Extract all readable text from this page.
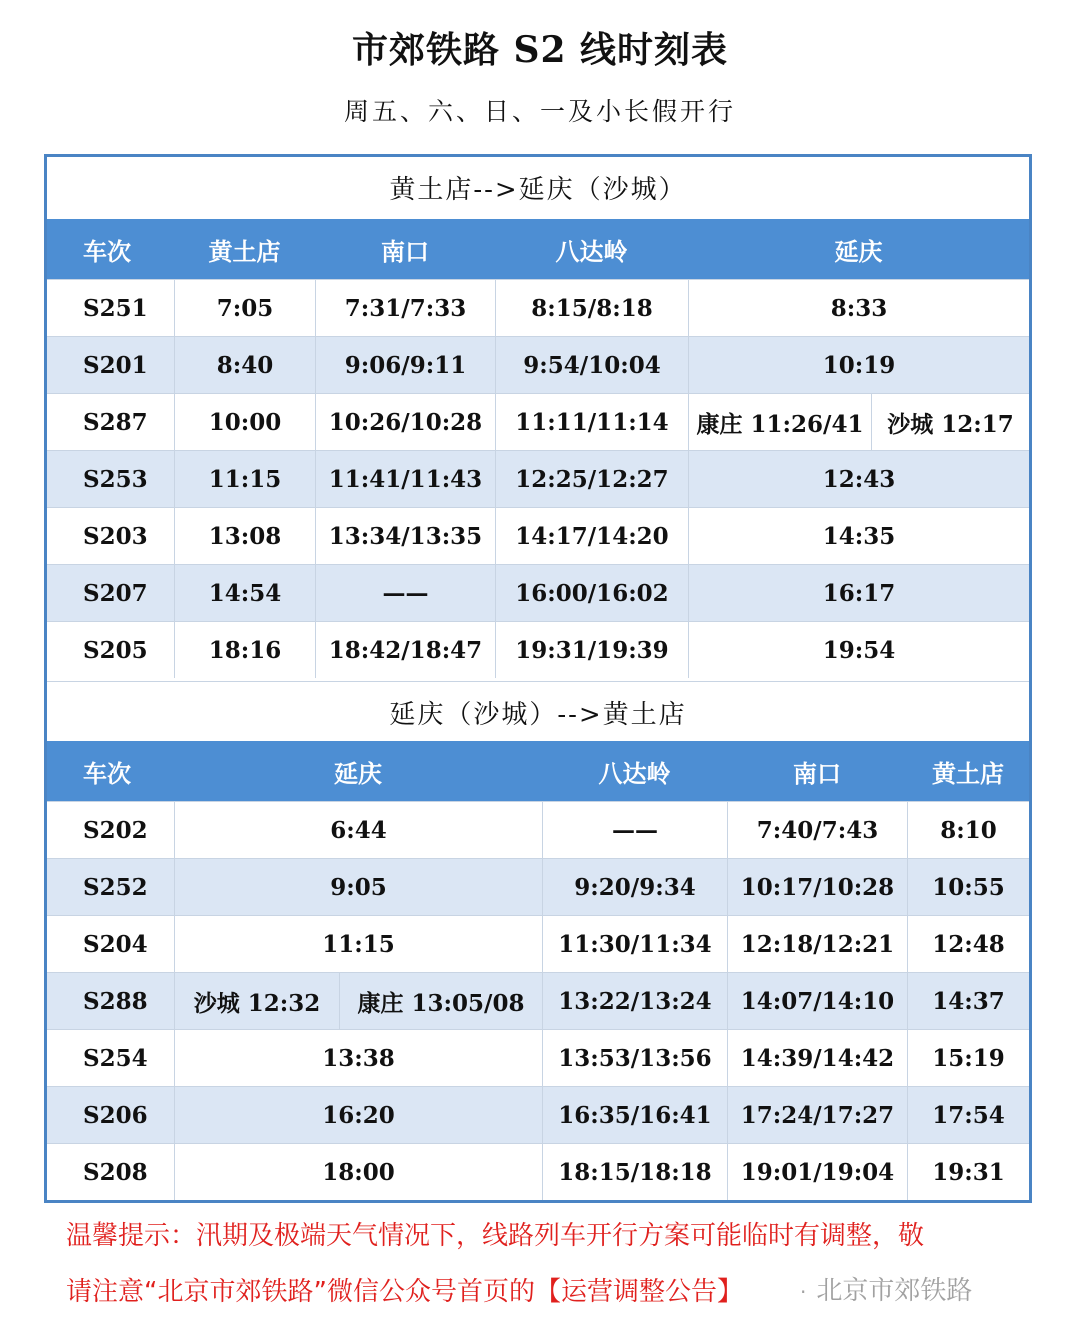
市郊铁路 S2 线时刻表
周五、六、日、一及小长假开行
黄土店-->延庆（沙城）
车次	黄土店	南口	八达岭	延庆
S251	7:05	7:31/7:33	8:15/8:18	8:33
S201	8:40	9:06/9:11	9:54/10:04	10:19
S287	10:00	10:26/10:28	11:11/11:14	康庄 11:26/41	沙城 12:17
S253	11:15	11:41/11:43	12:25/12:27	12:43
S203	13:08	13:34/13:35	14:17/14:20	14:35
S207	14:54	——	16:00/16:02	16:17
S205	18:16	18:42/18:47	19:31/19:39	19:54
延庆（沙城）-->黄土店
车次	延庆	八达岭	南口	黄土店
S202	6:44	——	7:40/7:43	8:10
S252	9:05	9:20/9:34	10:17/10:28	10:55
S204	11:15	11:30/11:34	12:18/12:21	12:48
S288	沙城 12:32	康庄 13:05/08	13:22/13:24	14:07/14:10	14:37
S254	13:38	13:53/13:56	14:39/14:42	15:19
S206	16:20	16:35/16:41	17:24/17:27	17:54
S208	18:00	18:15/18:18	19:01/19:04	19:31
温馨提示：汛期及极端天气情况下，线路列车开行方案可能临时有调整，敬
请注意“北京市郊铁路”微信公众号首页的【运营调整公告】	· 北京市郊铁路
